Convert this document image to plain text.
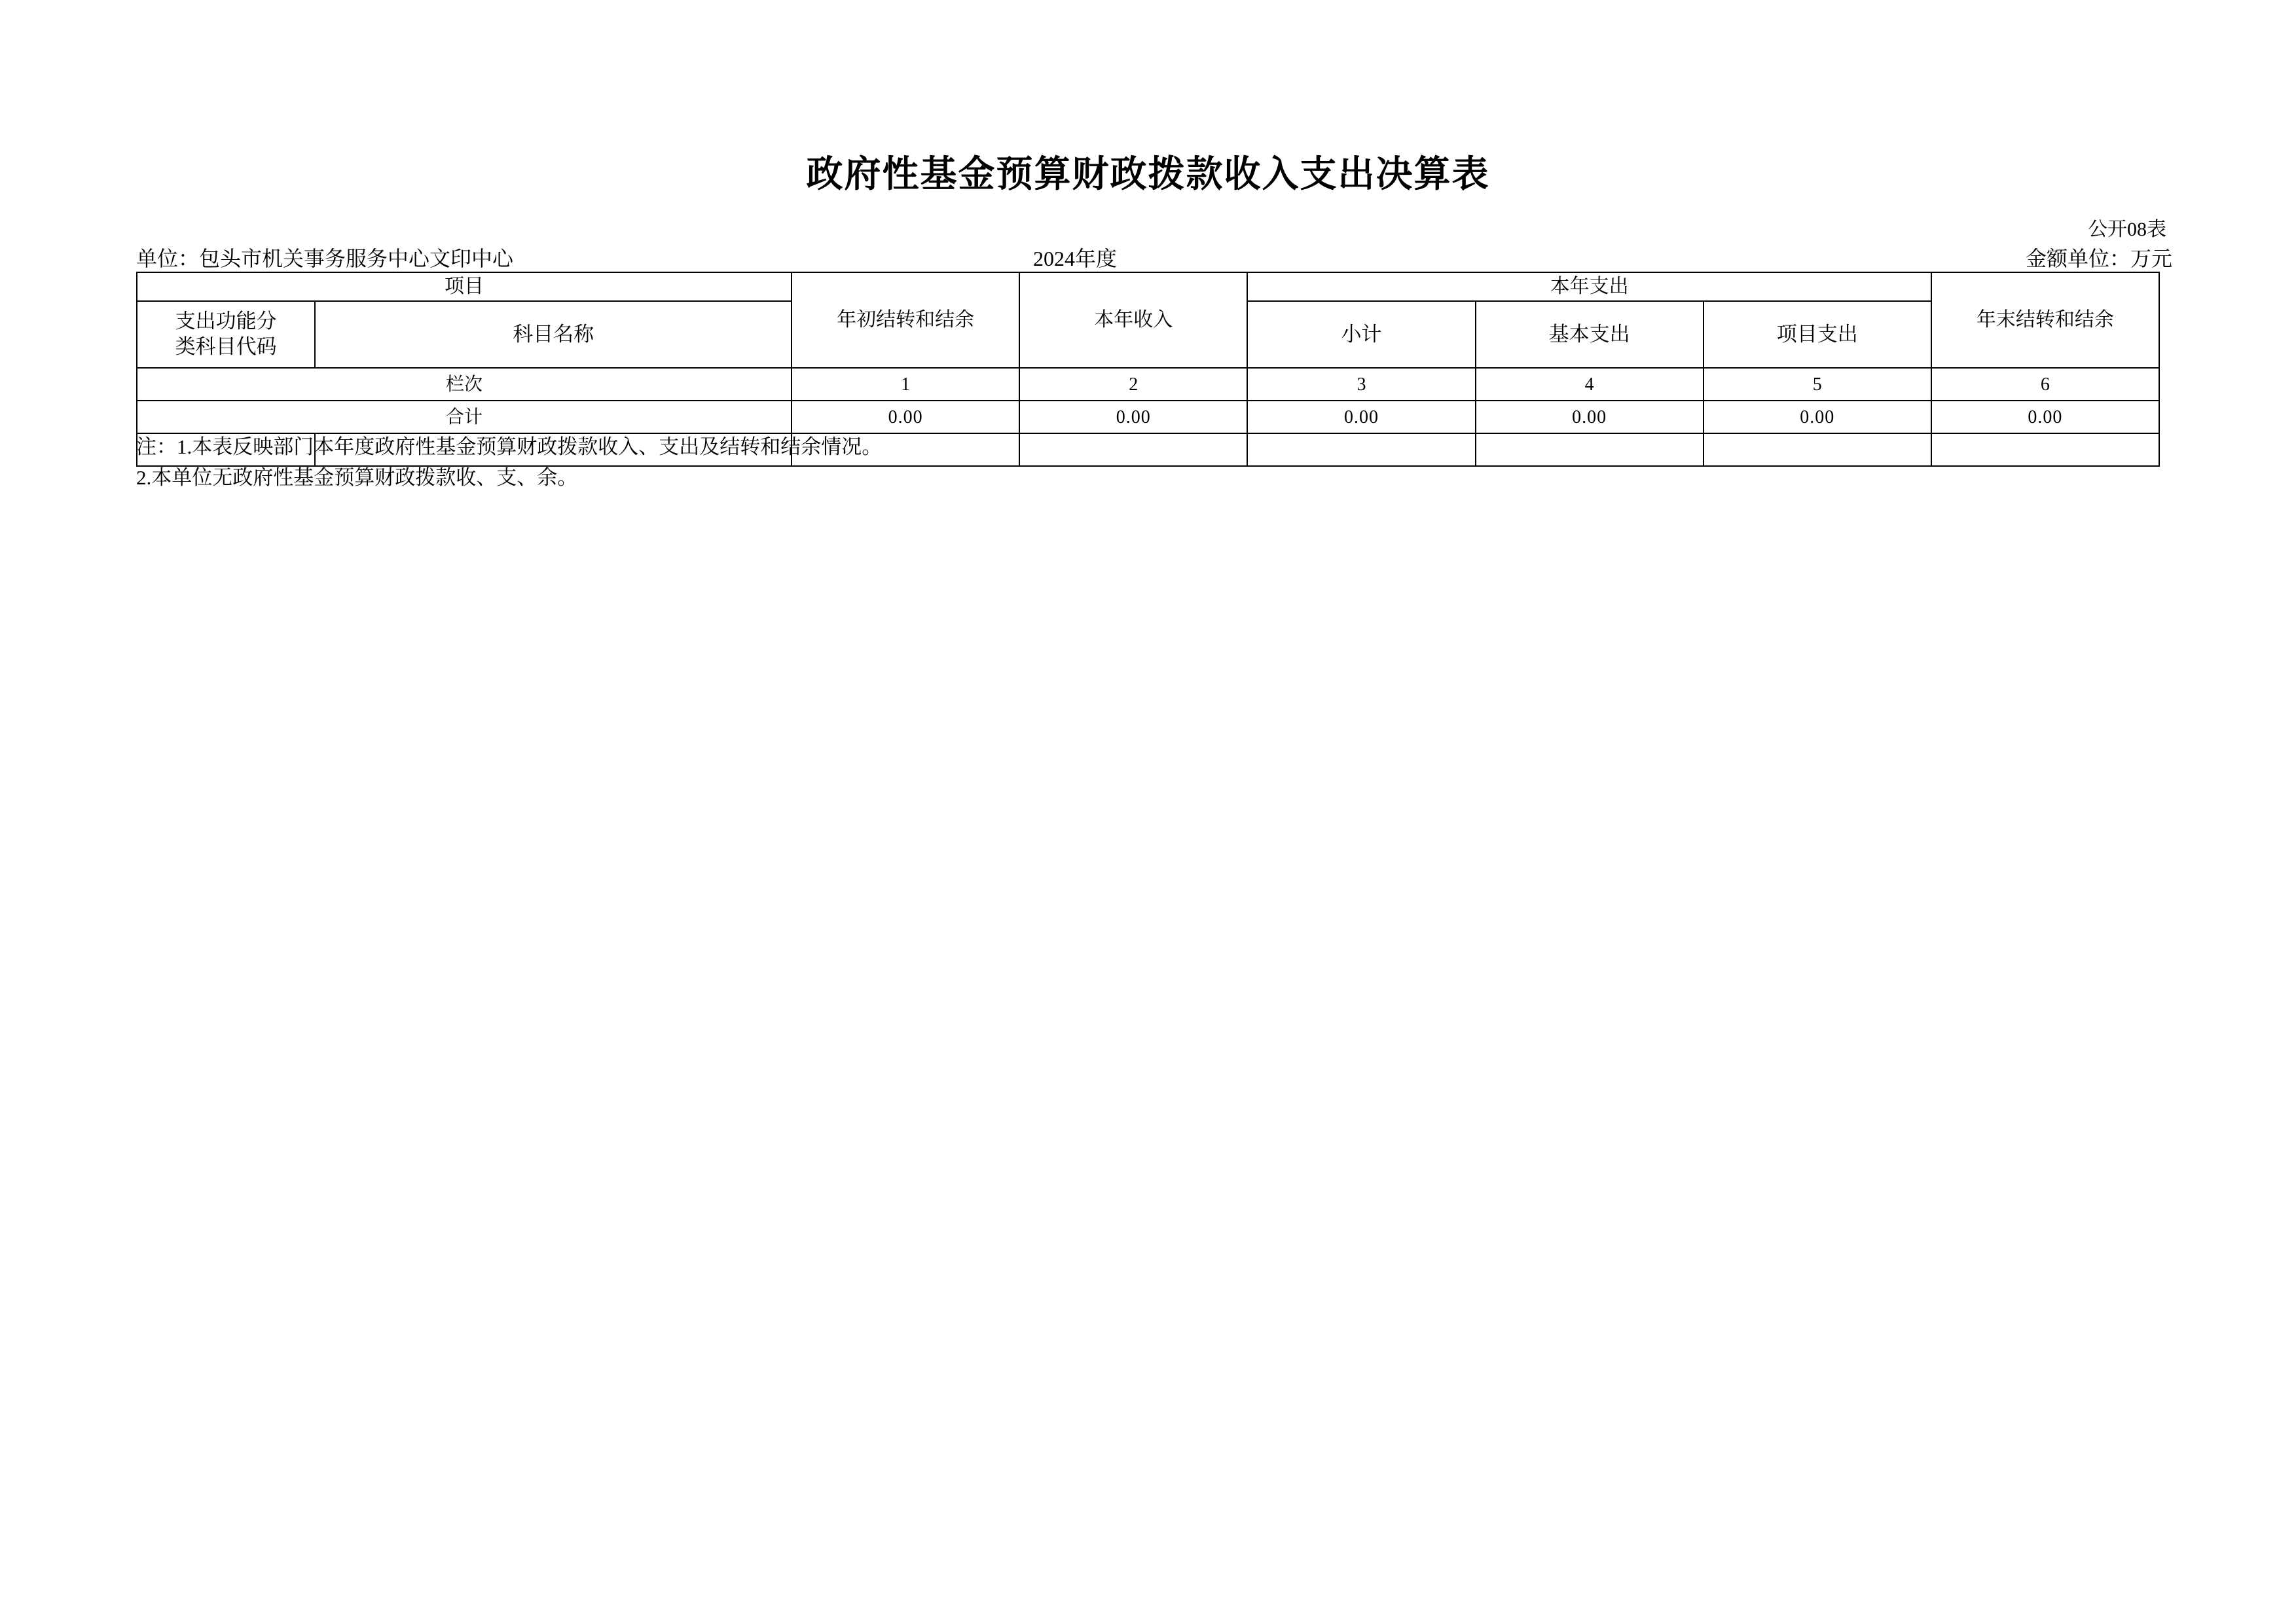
政府性基金预算财政拨款收入支出决算表
公开08表
单位：包头市机关事务服务中心文印中心	2024年度	金额单位：万元
项目		年初结转和结余	本年收入	本年支出			年末结转和结余

支出功能分
类科目代码	科目名称			小计	基本支出	项目支出	
栏次		1	2	3	4	5	6
合计		0.00	0.00	0.00	0.00	0.00	0.00

注：1.本表反映部门本年度政府性基金预算财政拨款收入、支出及结转和结余情况。
2.本单位无政府性基金预算财政拨款收、支、余。
